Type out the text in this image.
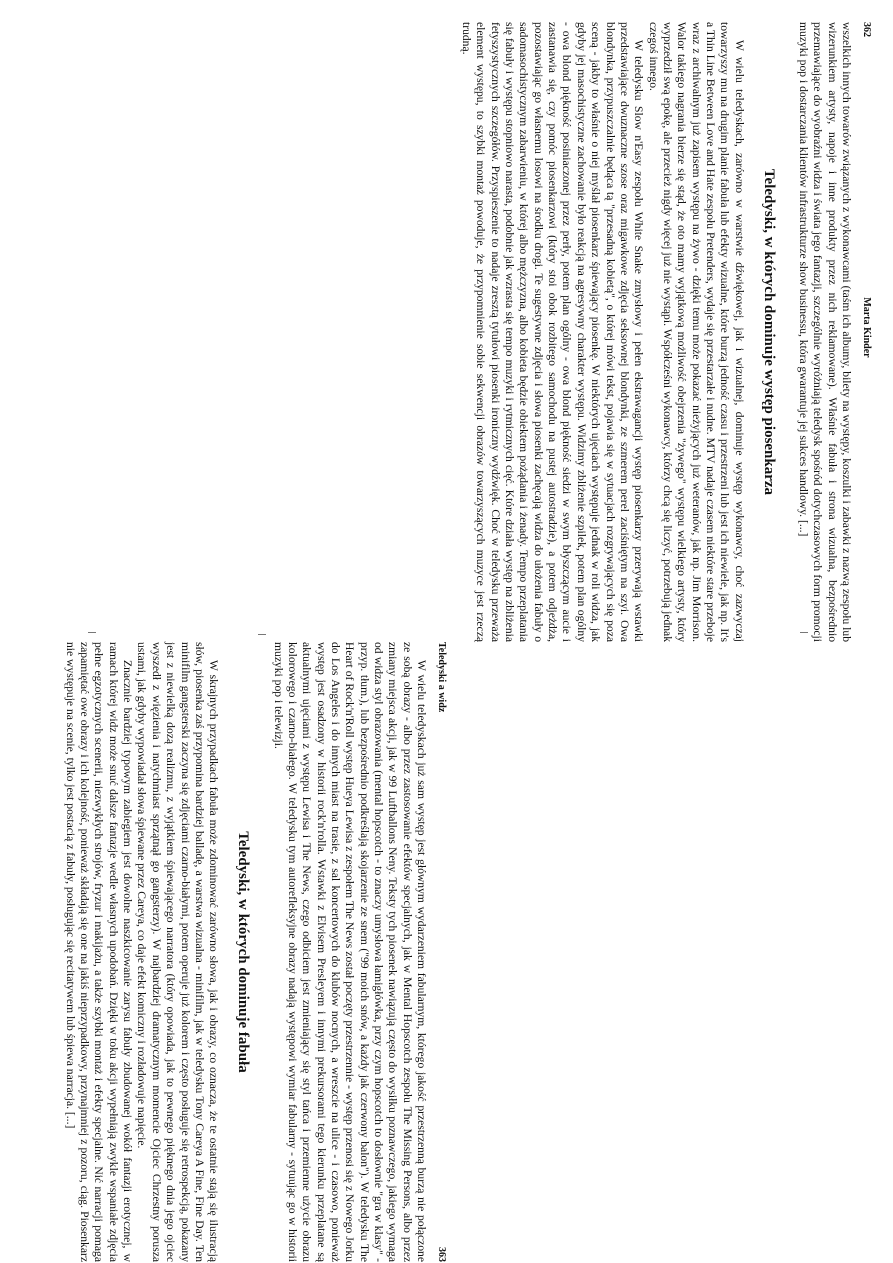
362
Marta Kinder

wszelkich innych towarów związanych z wykonawcami (taśm ich albumy, bilety na występy, koszulki i zabawki z nazwą zespołu lub wizerunkiem artysty, napoje i inne produkty przez nich reklamowane). Właśnie fabuła i strona wizualna, bezpośrednio przemawiające do wyobraźni widza i świata jego fantazji, szczególnie wyróżniają teledysk spośród dotychczasowych form promocji muzyki pop i dostarczania klientów infrastrukturze show businessu, która gwarantuje jej sukces handlowy. [...]

Teledyski, w których dominuje występ piosenkarza

W wielu teledyskach, zarówno w warstwie dźwiękowej, jak i wizualnej, dominuje występ wykonawcy, choć zazwyczaj towarzyszy mu na drugim planie fabuła lub efekty wizualne, które burzą jedność czasu i przestrzeni lub jest ich niewiele, jak np. It's a Thin Line Between Love and Hate zespołu Pretenders, wydaje się przestarzałe i nudne. MTV nadaje czasem niektóre stare przeboje wraz z archiwalnym już zapisem występu na żywo - dzięki temu może pokazać nieżyjących już weteranów, jak np. Jim Morrison. Walor takiego nagrania bierze się stąd, że oto mamy wyjątkową możliwość obejrzenia "żywego" występu wielkiego artysty, który wyprzedził swą epokę, ale przecież nigdy więcej już nie wystąpi. Współcześni wykonawcy, którzy chcą się liczyć, potrzebują jednak czegoś innego.

W teledysku Slow n'Easy zespołu White Snake zmysłowy i pełen ekstrawagancji występ piosenkarzy przerywają wstawki przedstawiające dwuznaczne szose oraz migawkowe zdjęcia seksownej blondynki, ze szmerem perel zaciśniętym na szyi. Owa blondynka, przypuszczalnie będąca tą "przesadną kobietą", o której mówi tekst, pojawia się w sytuacjach rozgrywających się poza sceną - jakby to właśnie o niej myślał piosenkarz śpiewający piosenkę. W niektórych ujęciach występuje jednak w roli widza, jak gdyby jej masochistyczne zachowanie było reakcją na agresywny charakter występu. Widzimy zbliżenie szpilek, potem plan ogólny - owa blond piękność posiniaczonej przez perły, potem plan ogólny - owa blond piękność siedzi w swym błyszczącym aucie i zastanawia się, czy pomóc piosenkarzowi (który stoi obok rozbitego samochodu na pustej autostradzie), a potem odjeżdża, pozostawiając go własnemu losowi na środku drogi. Te sugestywne zdjęcia i słowa piosenki zachęcają widza do ułożenia fabuły o sadomasochistycznym zabarwieniu, w której albo mężczyzna, albo kobieta będzie obiektem pożądania i żenady. Tempo przeplatania się fabuły i występu stopniowo narasta, podobnie jak wzrasta się tempo muzyki i rytmicznych cięć. Które działa występ na zbliżenia fetyszystycznych szczegółów. Przyspieszenie to nadaje zresztą tytułowi piosenki ironiczny wydźwięk. Choć w teledysku przeważa element występu, to szybki montaż powoduje, że przypomnienie sobie sekwencji obrazów towarzyszących muzyce jest rzeczą trudną.

Teledyski a widz
363

W wielu teledyskach już sam występ jest głównym wydarzeniem fabularnym, którego jakość przestrzenną burzą nie połączone ze sobą obrazy - albo przez zastosowanie efektów specjalnych, jak w Mental Hopscotch zespołu The Missing Persons, albo przez zmiany miejsca akcji, jak w 99 Luftballons Neny. Teksty tych piosenek nawiązują często do wysiłku poznawczego, jakiego wymaga od widza styl obrazowania (mental hopscotch - to znaczy umysłowa łamigłówka, przy czym hopscotch to dosłownie "gra w klasy" -przyp. tłum.), lub bezpośrednio podkreślają skojarzenie ze snem ("99 moich snów, a każdy jak czerwony balon"). W teledysku The Heart of Rock'n'Roll występ Hueya Lewisa z zespołem The News został poczęty przestrzennie - występ przenosi się z Nowego Jorku do Los Angeles i do innych miast na trasie, z sal koncertowych do klubów nocnych, a wreszcie na ulice - i czasowo, ponieważ występ jest osadzony w historii rock'n'rolla. Wstawki z Elvisem Presleyem i innymi prekursorami tego kierunku przeplatane są aktualnymi ujęciami z występu Lewisa i The News, czego odbiciem jest zmieniający się styl tańca i przemienne użycie obrazu kolorowego i czarno-białego. W teledysku tym autorefleksyjne obrazy nadają występowi wymiar fabularny - sytuując go w historii muzyki pop i telewizji.

Teledyski, w których dominuje fabuła

W skrajnych przypadkach fabuła może zdominować zarówno słowa, jak i obrazy, co oznacza, że te ostatnie stają się ilustracją słów, piosenka zaś przypomina bardziej balladę, a warstwa wizualna - minifilm, jak w teledysku Tony Careya A Fine, Fine Day. Ten minifilm gangsterski zaczyna się zdjęciami czarno-białymi, potem operuje już kolorem i często posługuje się retrospekcją, pokazany jest z niewielką dozą realizmu, z wyjątkiem śpiewającego narratora (który opowiada, jak to pewnego pięknego dnia jego ojciec wyszedł z więzienia i natychmiast sprzątnął go gangsterzy). W najbardziej dramatycznym momencie Ojciec Chrzestny porusza ustami, jak gdyby wypowiadał słowa śpiewane przez Careya, co daje efekt komiczny i rozładowuje napięcie.

Znacznie bardziej typowym zabiegiem jest dowolne naszkicowanie zarysu fabuły zbudowanej wokół fantazji erotycznej, w ramach której widz może snuć dalsze fantazje wedle własnych upodobań. Dzięki w toku akcji wypełniają zwykle wspaniałe zdjęcia pełne egzotycznych scenerii, niezwykłych strojów, fryzur i makijażu, a także szybki montaż i efekty specjalne. Nić narracji pomaga zapamiętać owe obrazy i ich kolejność, ponieważ składają się one na jakiś nieprzypadkowy, przynajmniej z pozoru, ciąg. Piosenkarz nie występuje na scenie, tylko jest postacią z fabuły, posługując się recitatywem lub śpiewa narracja. [...]
